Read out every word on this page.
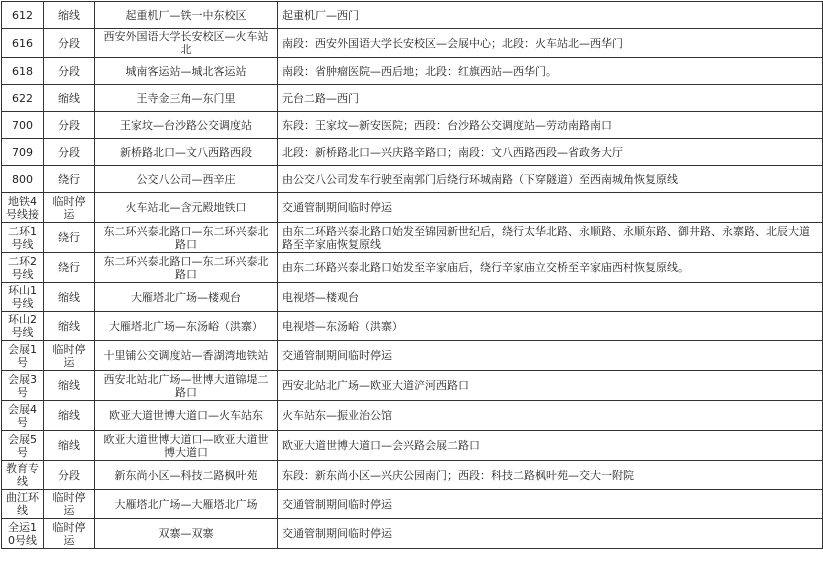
612	缩线	起重机厂—铁一中东校区	起重机厂—西门
616	分段	西安外国语大学长安校区—火车站北	南段：西安外国语大学长安校区—会展中心；北段：火车站北—西华门
618	分段	城南客运站—城北客运站	南段：省肿瘤医院—西后地；北段：红旗西站—西华门。
622	缩线	王寺金三角—东门里	元台二路—西门
700	分段	王家坟—台沙路公交调度站	东段：王家坟—新安医院；西段：台沙路公交调度站—劳动南路南口
709	分段	新桥路北口—文八西路西段	北段：新桥路北口—兴庆路辛路口；南段：文八西路西段—省政务大厅
800	绕行	公交八公司—西辛庄	由公交八公司发车行驶至南郭门后绕行环城南路（下穿隧道）至西南城角恢复原线
地铁4号线接	临时停运	火车站北—含元殿地铁口	交通管制期间临时停运
二环1号线	绕行	东二环兴泰北路口—东二环兴泰北路口	由东二环路兴泰北路口始发至锦园新世纪后，绕行太华北路、永顺路、永顺东路、御井路、永寨路、北辰大道路至辛家庙恢复原线
二环2号线	绕行	东二环兴泰北路口—东二环兴泰北路口	由东二环路兴泰北路口始发至辛家庙后，绕行辛家庙立交桥至辛家庙西村恢复原线。
环山1号线	缩线	大雁塔北广场—楼观台	电视塔—楼观台
环山2号线	缩线	大雁塔北广场—东汤峪（洪寨）	电视塔—东汤峪（洪寨）
会展1号	临时停运	十里铺公交调度站—香湖湾地铁站	交通管制期间临时停运
会展3号	缩线	西安北站北广场—世博大道锦堤二路口	西安北站北广场—欧亚大道浐河西路口
会展4号	缩线	欧亚大道世博大道口—火车站东	火车站东—振业治公馆
会展5号	缩线	欧亚大道世博大道口—欧亚大道世博大道口	欧亚大道世博大道口—会兴路会展二路口
教育专线	分段	新东尚小区—科技二路枫叶苑	东段：新东尚小区—兴庆公园南门；西段：科技二路枫叶苑—交大一附院
曲江环线	临时停运	大雁塔北广场—大雁塔北广场	交通管制期间临时停运
全运10号线	临时停运	双寨—双寨	交通管制期间临时停运
